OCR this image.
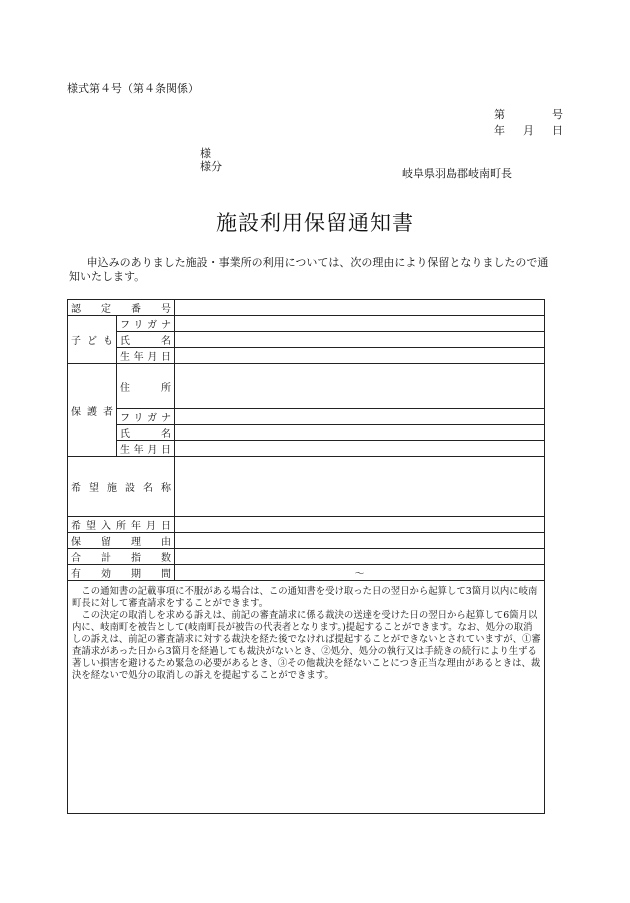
様式第４号（第４条関係）
第	号
年 月 日
様
様分
岐阜県羽島郡岐南町長
施設利用保留通知書
申込みのありました施設・事業所の利用については、次の理由により保留となりましたので通知いたします。
認定番号		
子ども	フリガナ	
	氏名	
	生年月日	
保護者	住所	
	フリガナ	
	氏名	
	生年月日	
希望施設名称		
希望入所年月日		
保留理由		
合計指数		
有効期間		～

この通知書の記載事項に不服がある場合は、この通知書を受け取った日の翌日から起算して3箇月以内に岐南町長に対して審査請求をすることができます。

この決定の取消しを求める訴えは、前記の審査請求に係る裁決の送達を受けた日の翌日から起算して6箇月以内に、岐南町を被告として(岐南町長が被告の代表者となります。)提起することができます。なお、処分の取消しの訴えは、前記の審査請求に対する裁決を経た後でなければ提起することができないとされていますが、①審査請求があった日から3箇月を経過しても裁決がないとき、②処分、処分の執行又は手続きの続行により生ずる著しい損害を避けるため緊急の必要があるとき、③その他裁決を経ないことにつき正当な理由があるときは、裁決を経ないで処分の取消しの訴えを提起することができます。
